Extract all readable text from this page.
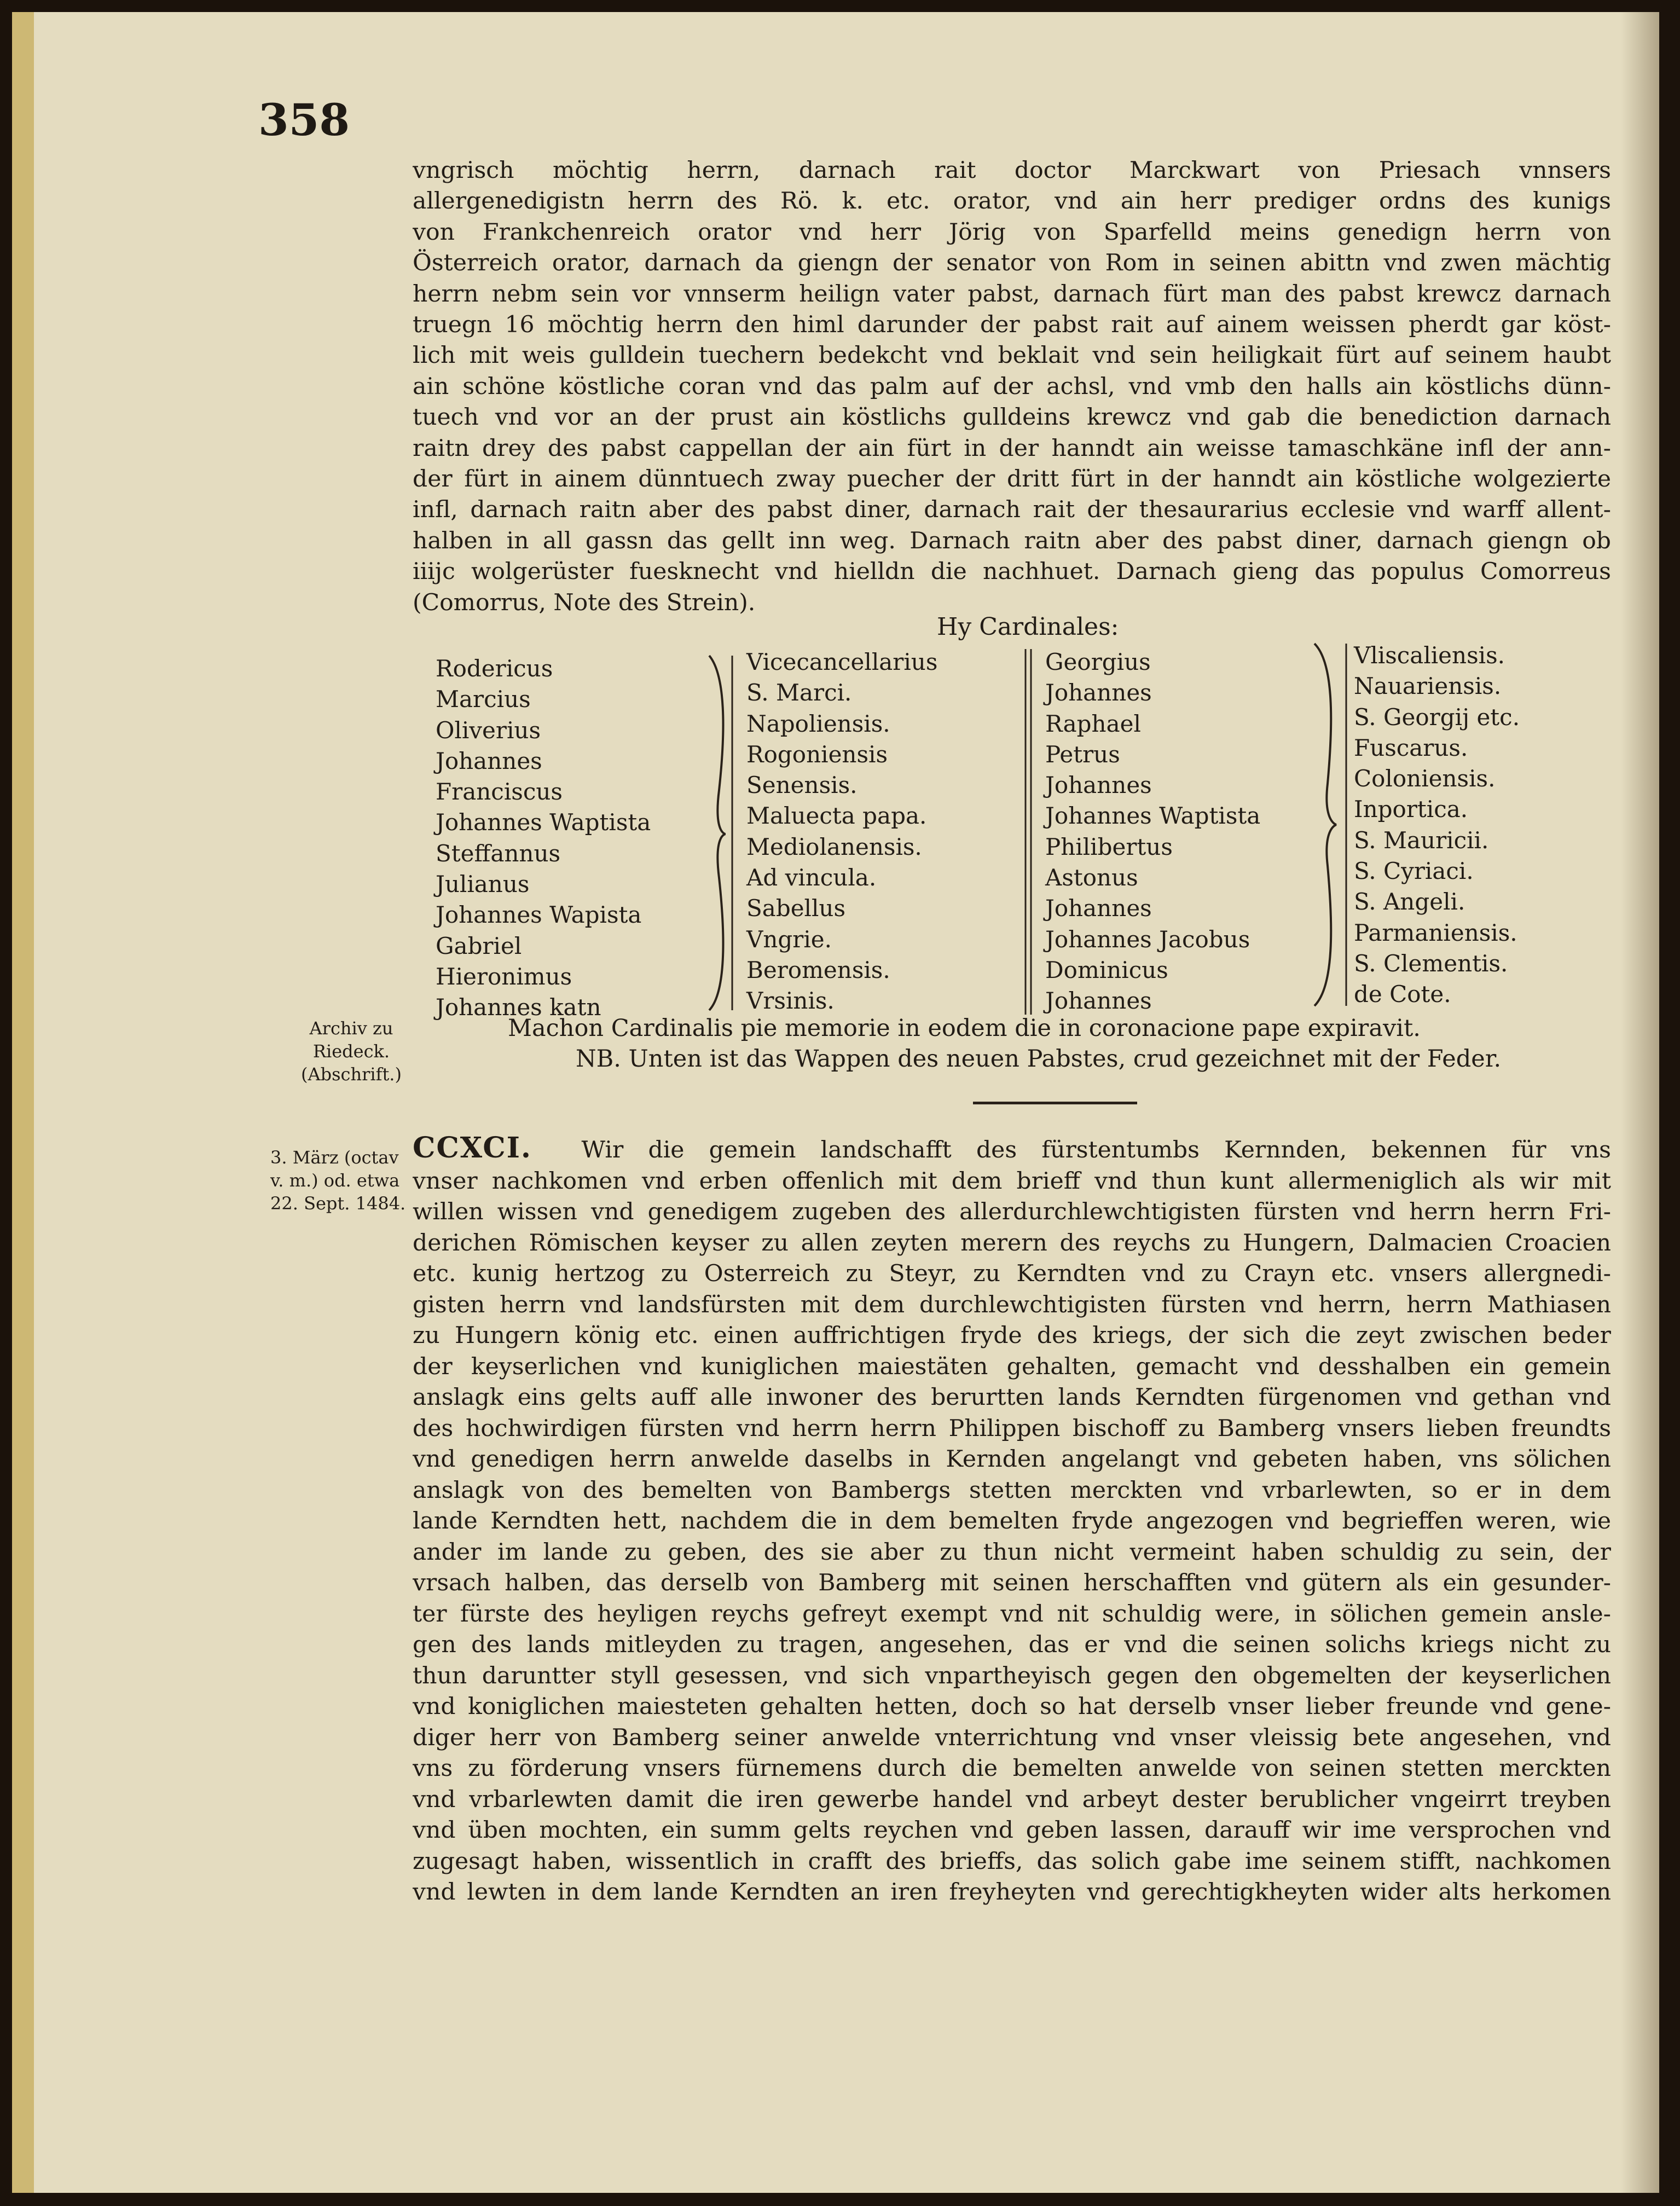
358
vngrisch möchtig herrn, darnach rait doctor Marckwart von Priesach vnnsers
allergenedigistn herrn des Rö. k. etc. orator, vnd ain herr prediger ordns des kunigs
von Frankchenreich orator vnd herr Jörig von Sparfelld meins genedign herrn von
Österreich orator, darnach da giengn der senator von Rom in seinen abittn vnd zwen mächtig
herrn nebm sein vor vnnserm heilign vater pabst, darnach fürt man des pabst krewcz darnach
truegn 16 möchtig herrn den himl darunder der pabst rait auf ainem weissen pherdt gar köst-
lich mit weis gulldein tuechern bedekcht vnd beklait vnd sein heiligkait fürt auf seinem haubt
ain schöne köstliche coran vnd das palm auf der achsl, vnd vmb den halls ain köstlichs dünn-
tuech vnd vor an der prust ain köstlichs gulldeins krewcz vnd gab die benediction darnach
raitn drey des pabst cappellan der ain fürt in der hanndt ain weisse tamaschkäne infl der ann-
der fürt in ainem dünntuech zway puecher der dritt fürt in der hanndt ain köstliche wolgezierte
infl, darnach raitn aber des pabst diner, darnach rait der thesaurarius ecclesie vnd warff allent-
halben in all gassn das gellt inn weg. Darnach raitn aber des pabst diner, darnach giengn ob
iiijc wolgerüster fuesknecht vnd hielldn die nachhuet. Darnach gieng das populus Comorreus
(Comorrus, Note des Strein).
Hy Cardinales:
Rodericus
Marcius
Oliverius
Johannes
Franciscus
Johannes Waptista
Steffannus
Julianus
Johannes Wapista
Gabriel
Hieronimus
Johannes katn
Vicecancellarius
S. Marci.
Napoliensis.
Rogoniensis
Senensis.
Maluecta papa.
Mediolanensis.
Ad vincula.
Sabellus
Vngrie.
Beromensis.
Vrsinis.
Georgius
Johannes
Raphael
Petrus
Johannes
Johannes Waptista
Philibertus
Astonus
Johannes
Johannes Jacobus
Dominicus
Johannes
Vliscaliensis.
Nauariensis.
S. Georgij etc.
Fuscarus.
Coloniensis.
Inportica.
S. Mauricii.
S. Cyriaci.
S. Angeli.
Parmaniensis.
S. Clementis.
de Cote.
Archiv zu
Riedeck.
(Abschrift.)
Machon Cardinalis pie memorie in eodem die in coronacione pape expiravit.
NB. Unten ist das Wappen des neuen Pabstes, crud gezeichnet mit der Feder.
3. März (octav
v. m.) od. etwa
22. Sept. 1484.
CCXCI. Wir die gemein landschafft des fürstentumbs Kernnden, bekennen für vns
vnser nachkomen vnd erben offenlich mit dem brieff vnd thun kunt allermeniglich als wir mit
willen wissen vnd genedigem zugeben des allerdurchlewchtigisten fürsten vnd herrn herrn Fri-
derichen Römischen keyser zu allen zeyten merern des reychs zu Hungern, Dalmacien Croacien
etc. kunig hertzog zu Osterreich zu Steyr, zu Kerndten vnd zu Crayn etc. vnsers allergnedi-
gisten herrn vnd landsfürsten mit dem durchlewchtigisten fürsten vnd herrn, herrn Mathiasen
zu Hungern könig etc. einen auffrichtigen fryde des kriegs, der sich die zeyt zwischen beder
der keyserlichen vnd kuniglichen maiestäten gehalten, gemacht vnd desshalben ein gemein
anslagk eins gelts auff alle inwoner des berurtten lands Kerndten fürgenomen vnd gethan vnd
des hochwirdigen fürsten vnd herrn herrn Philippen bischoff zu Bamberg vnsers lieben freundts
vnd genedigen herrn anwelde daselbs in Kernden angelangt vnd gebeten haben, vns sölichen
anslagk von des bemelten von Bambergs stetten merckten vnd vrbarlewten, so er in dem
lande Kerndten hett, nachdem die in dem bemelten fryde angezogen vnd begrieffen weren, wie
ander im lande zu geben, des sie aber zu thun nicht vermeint haben schuldig zu sein, der
vrsach halben, das derselb von Bamberg mit seinen herschafften vnd gütern als ein gesunder-
ter fürste des heyligen reychs gefreyt exempt vnd nit schuldig were, in sölichen gemein ansle-
gen des lands mitleyden zu tragen, angesehen, das er vnd die seinen solichs kriegs nicht zu
thun daruntter styll gesessen, vnd sich vnpartheyisch gegen den obgemelten der keyserlichen
vnd koniglichen maiesteten gehalten hetten, doch so hat derselb vnser lieber freunde vnd gene-
diger herr von Bamberg seiner anwelde vnterrichtung vnd vnser vleissig bete angesehen, vnd
vns zu förderung vnsers fürnemens durch die bemelten anwelde von seinen stetten merckten
vnd vrbarlewten damit die iren gewerbe handel vnd arbeyt dester berublicher vngeirrt treyben
vnd üben mochten, ein summ gelts reychen vnd geben lassen, darauff wir ime versprochen vnd
zugesagt haben, wissentlich in crafft des brieffs, das solich gabe ime seinem stifft, nachkomen
vnd lewten in dem lande Kerndten an iren freyheyten vnd gerechtigkheyten wider alts herkomen
